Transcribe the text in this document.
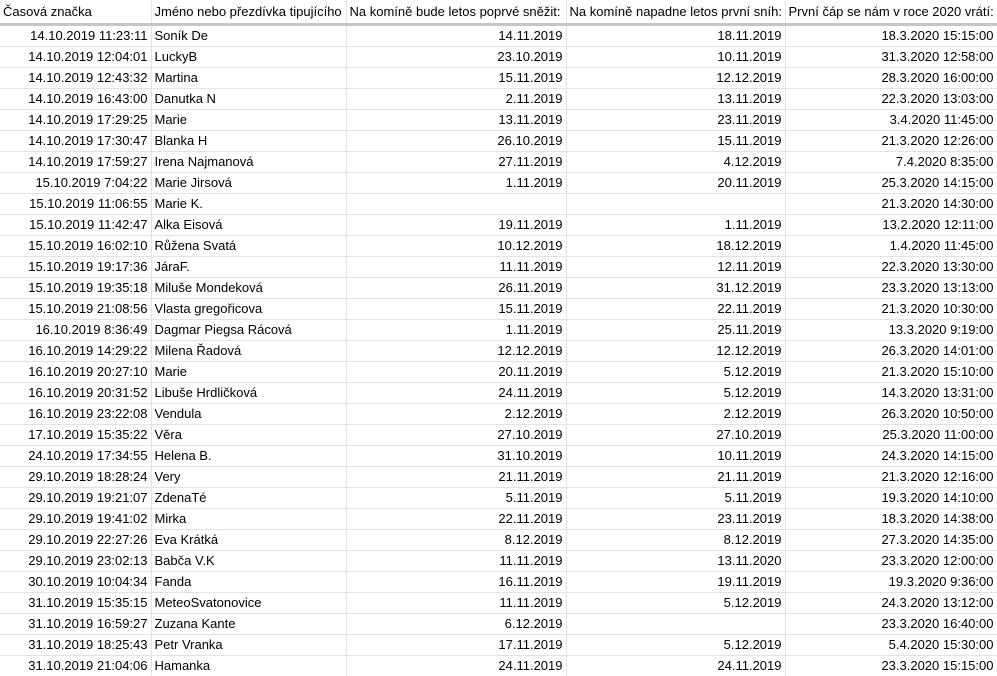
Časová značka	Jméno nebo přezdívka tipujícího	Na komíně bude letos poprvé sněžit:	Na komíně napadne letos první sníh:	První čáp se nám v roce 2020 vrátí:
14.10.2019 11:23:11	Soník De	14.11.2019	18.11.2019	18.3.2020 15:15:00
14.10.2019 12:04:01	LuckyB	23.10.2019	10.11.2019	31.3.2020 12:58:00
14.10.2019 12:43:32	Martina	15.11.2019	12.12.2019	28.3.2020 16:00:00
14.10.2019 16:43:00	Danutka N	2.11.2019	13.11.2019	22.3.2020 13:03:00
14.10.2019 17:29:25	Marie	13.11.2019	23.11.2019	3.4.2020 11:45:00
14.10.2019 17:30:47	Blanka H	26.10.2019	15.11.2019	21.3.2020 12:26:00
14.10.2019 17:59:27	Irena Najmanová	27.11.2019	4.12.2019	7.4.2020 8:35:00
15.10.2019 7:04:22	Marie Jirsová	1.11.2019	20.11.2019	25.3.2020 14:15:00
15.10.2019 11:06:55	Marie K.			21.3.2020 14:30:00
15.10.2019 11:42:47	Alka Eisová	19.11.2019	1.11.2019	13.2.2020 12:11:00
15.10.2019 16:02:10	Růžena Svatá	10.12.2019	18.12.2019	1.4.2020 11:45:00
15.10.2019 19:17:36	JáraF.	11.11.2019	12.11.2019	22.3.2020 13:30:00
15.10.2019 19:35:18	Miluše Mondeková	26.11.2019	31.12.2019	23.3.2020 13:13:00
15.10.2019 21:08:56	Vlasta gregořicova	15.11.2019	22.11.2019	21.3.2020 10:30:00
16.10.2019 8:36:49	Dagmar Piegsa Rácová	1.11.2019	25.11.2019	13.3.2020 9:19:00
16.10.2019 14:29:22	Milena Řadová	12.12.2019	12.12.2019	26.3.2020 14:01:00
16.10.2019 20:27:10	Marie	20.11.2019	5.12.2019	21.3.2020 15:10:00
16.10.2019 20:31:52	Libuše Hrdličková	24.11.2019	5.12.2019	14.3.2020 13:31:00
16.10.2019 23:22:08	Vendula	2.12.2019	2.12.2019	26.3.2020 10:50:00
17.10.2019 15:35:22	Věra	27.10.2019	27.10.2019	25.3.2020 11:00:00
24.10.2019 17:34:55	Helena B.	31.10.2019	10.11.2019	24.3.2020 14:15:00
29.10.2019 18:28:24	Very	21.11.2019	21.11.2019	21.3.2020 12:16:00
29.10.2019 19:21:07	ZdenaTé	5.11.2019	5.11.2019	19.3.2020 14:10:00
29.10.2019 19:41:02	Mirka	22.11.2019	23.11.2019	18.3.2020 14:38:00
29.10.2019 22:27:26	Eva Krátká	8.12.2019	8.12.2019	27.3.2020 14:35:00
29.10.2019 23:02:13	Babča V.K	11.11.2019	13.11.2020	23.3.2020 12:00:00
30.10.2019 10:04:34	Fanda	16.11.2019	19.11.2019	19.3.2020 9:36:00
31.10.2019 15:35:15	MeteoSvatonovice	11.11.2019	5.12.2019	24.3.2020 13:12:00
31.10.2019 16:59:27	Zuzana Kante	6.12.2019		23.3.2020 16:40:00
31.10.2019 18:25:43	Petr Vranka	17.11.2019	5.12.2019	5.4.2020 15:30:00
31.10.2019 21:04:06	Hamanka	24.11.2019	24.11.2019	23.3.2020 15:15:00
